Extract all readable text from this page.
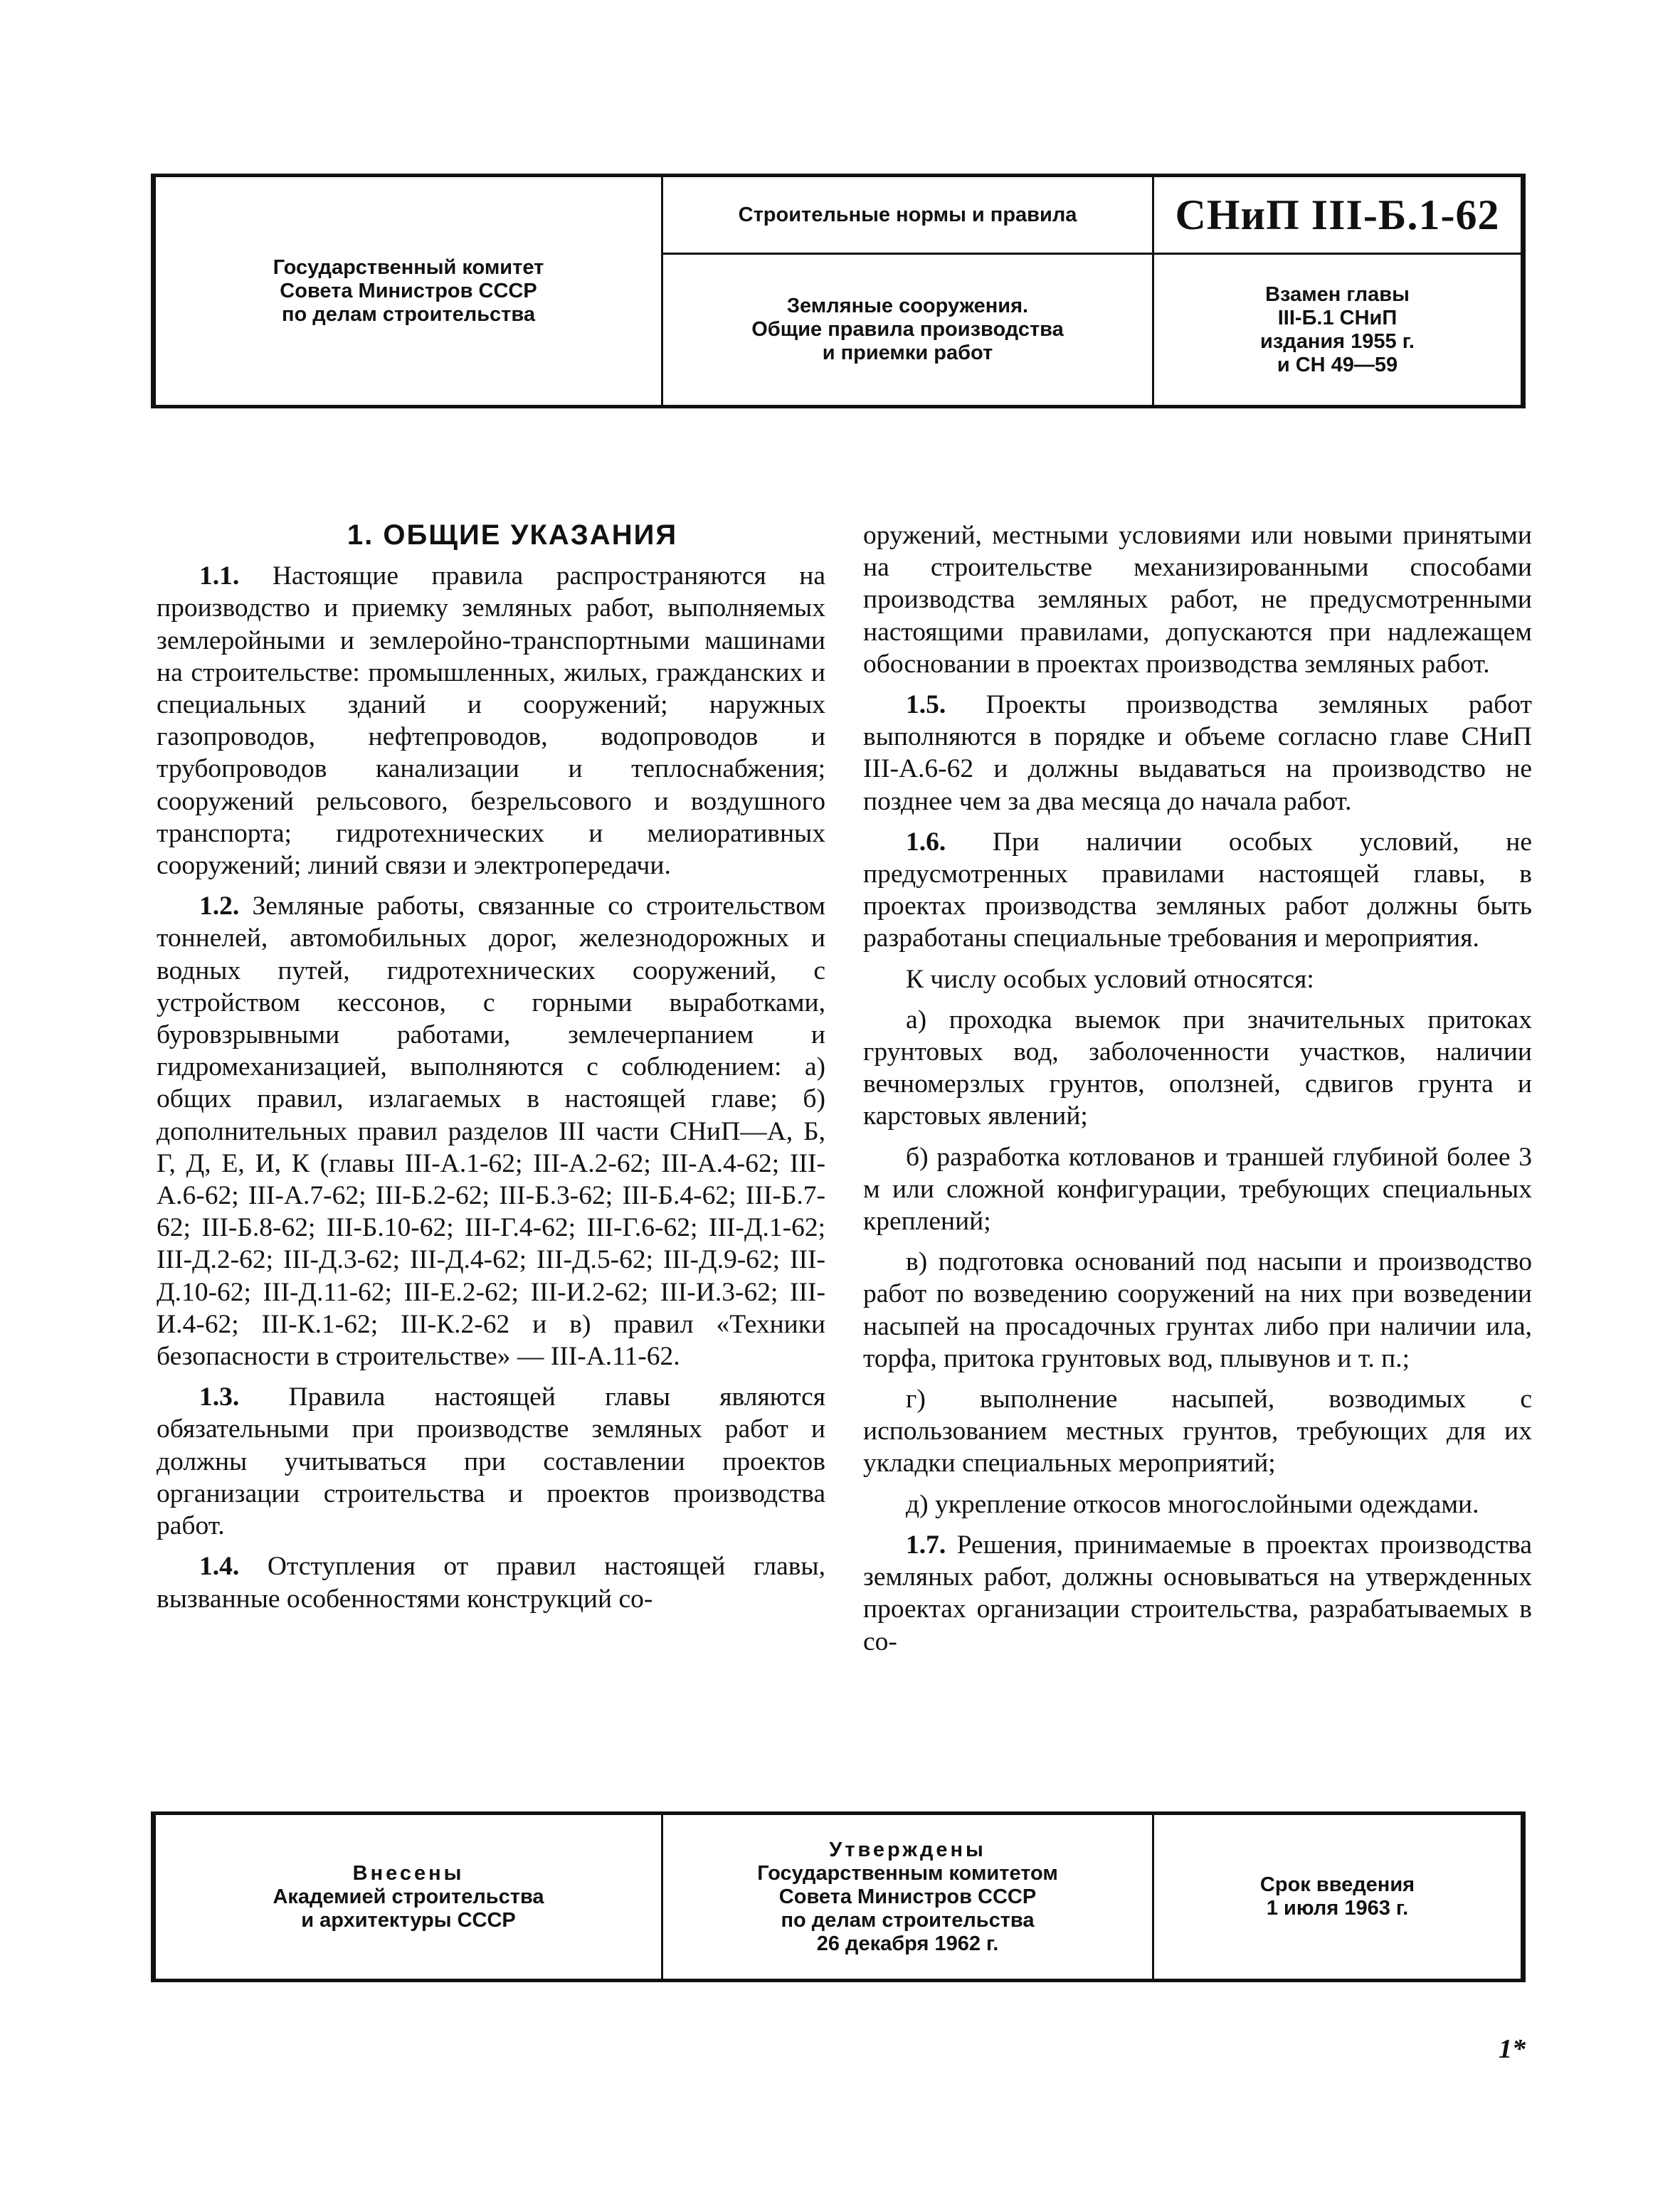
Государственный комитет
Совета Министров СССР
по делам строительства
Строительные нормы и правила	СНиП III-Б.1-62
Земляные сооружения.
Общие правила производства
и приемки работ
Взамен главы
III-Б.1 СНиП
издания 1955 г.
и СН 49—59

1. ОБЩИЕ УКАЗАНИЯ

1.1. Настоящие правила распространяются на производство и приемку земляных работ, выполняемых землеройными и землеройно-транспортными машинами на строительстве: промышленных, жилых, гражданских и специальных зданий и сооружений; наружных газопроводов, нефтепроводов, водопроводов и трубопроводов канализации и теплоснабжения; сооружений рельсового, безрельсового и воздушного транспорта; гидротехнических и мелиоративных сооружений; линий связи и электропередачи.

1.2. Земляные работы, связанные со строительством тоннелей, автомобильных дорог, железнодорожных и водных путей, гидротехнических сооружений, с устройством кессонов, с горными выработками, буровзрывными работами, землечерпанием и гидромеханизацией, выполняются с соблюдением: а) общих правил, излагаемых в настоящей главе; б) дополнительных правил разделов III части СНиП—А, Б, Г, Д, Е, И, К (главы III-А.1-62; III-А.2-62; III-А.4-62; III-А.6-62; III-А.7-62; III-Б.2-62; III-Б.3-62; III-Б.4-62; III-Б.7-62; III-Б.8-62; III-Б.10-62; III-Г.4-62; III-Г.6-62; III-Д.1-62; III-Д.2-62; III-Д.3-62; III-Д.4-62; III-Д.5-62; III-Д.9-62; III-Д.10-62; III-Д.11-62; III-Е.2-62; III-И.2-62; III-И.3-62; III-И.4-62; III-К.1-62; III-К.2-62 и в) правил «Техники безопасности в строительстве» — III-А.11-62.

1.3. Правила настоящей главы являются обязательными при производстве земляных работ и должны учитываться при составлении проектов организации строительства и проектов производства работ.

1.4. Отступления от правил настоящей главы, вызванные особенностями конструкций со-

оружений, местными условиями или новыми принятыми на строительстве механизированными способами производства земляных работ, не предусмотренными настоящими правилами, допускаются при надлежащем обосновании в проектах производства земляных работ.

1.5. Проекты производства земляных работ выполняются в порядке и объеме согласно главе СНиП III-А.6-62 и должны выдаваться на производство не позднее чем за два месяца до начала работ.

1.6. При наличии особых условий, не предусмотренных правилами настоящей главы, в проектах производства земляных работ должны быть разработаны специальные требования и мероприятия.

К числу особых условий относятся:

а) проходка выемок при значительных притоках грунтовых вод, заболоченности участков, наличии вечномерзлых грунтов, оползней, сдвигов грунта и карстовых явлений;

б) разработка котлованов и траншей глубиной более 3 м или сложной конфигурации, требующих специальных креплений;

в) подготовка оснований под насыпи и производство работ по возведению сооружений на них при возведении насыпей на просадочных грунтах либо при наличии ила, торфа, притока грунтовых вод, плывунов и т. п.;

г) выполнение насыпей, возводимых с использованием местных грунтов, требующих для их укладки специальных мероприятий;

д) укрепление откосов многослойными одеждами.

1.7. Решения, принимаемые в проектах производства земляных работ, должны основываться на утвержденных проектах организации строительства, разрабатываемых в со-

Внесены
Академией строительства
и архитектуры СССР
Утверждены
Государственным комитетом
Совета Министров СССР
по делам строительства
26 декабря 1962 г.
Срок введения
1 июля 1963 г.
1*
